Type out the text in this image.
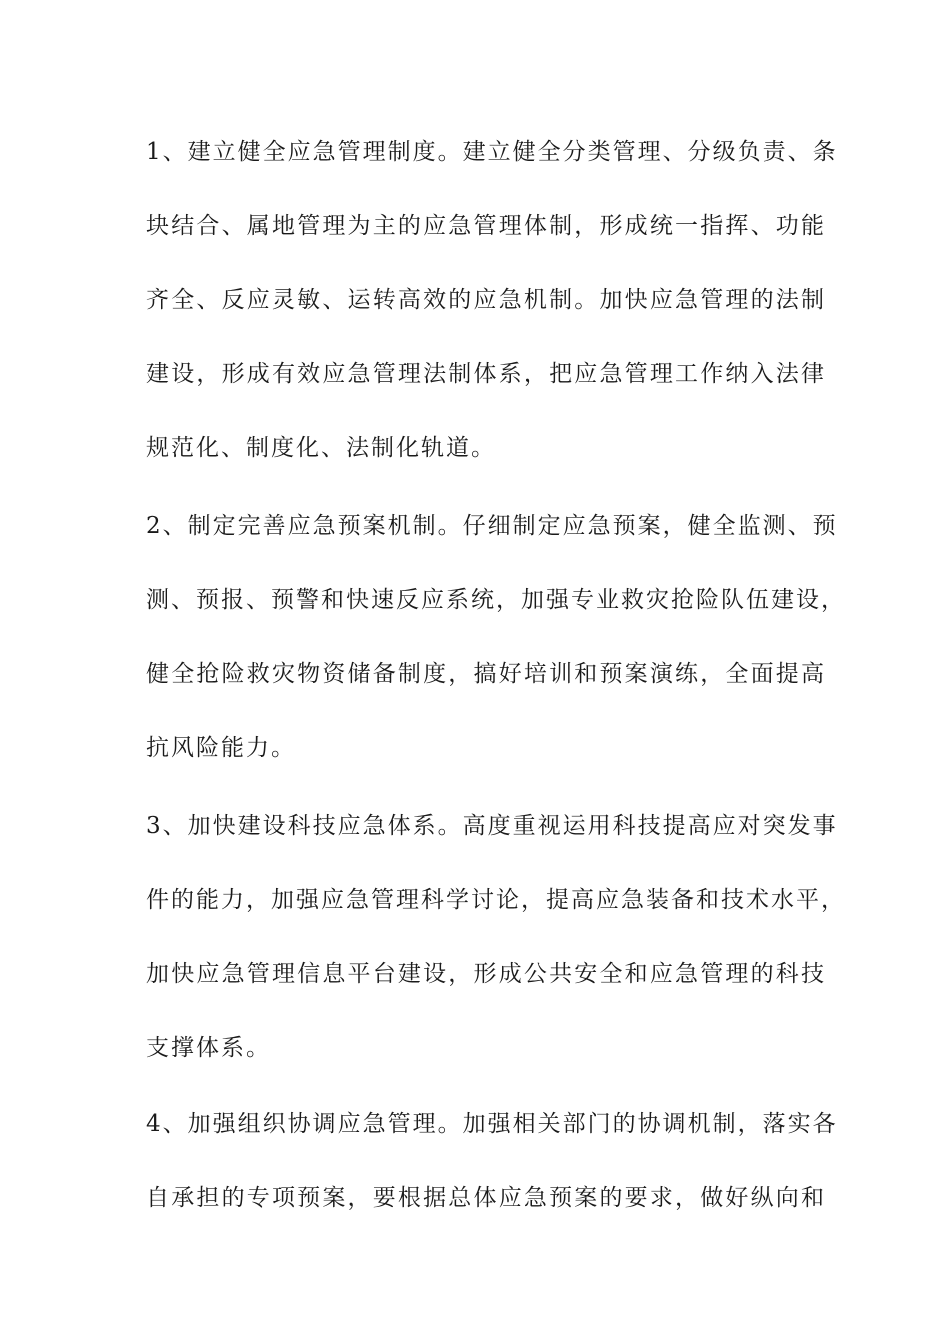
1、建立健全应急管理制度。建立健全分类管理、分级负责、条
块结合、属地管理为主的应急管理体制，形成统一指挥、功能
齐全、反应灵敏、运转高效的应急机制。加快应急管理的法制
建设，形成有效应急管理法制体系，把应急管理工作纳入法律
规范化、制度化、法制化轨道。
2、制定完善应急预案机制。仔细制定应急预案，健全监测、预
测、预报、预警和快速反应系统，加强专业救灾抢险队伍建设，
健全抢险救灾物资储备制度，搞好培训和预案演练，全面提高
抗风险能力。
3、加快建设科技应急体系。高度重视运用科技提高应对突发事
件的能力，加强应急管理科学讨论，提高应急装备和技术水平，
加快应急管理信息平台建设，形成公共安全和应急管理的科技
支撑体系。
4、加强组织协调应急管理。加强相关部门的协调机制，落实各
自承担的专项预案，要根据总体应急预案的要求，做好纵向和
